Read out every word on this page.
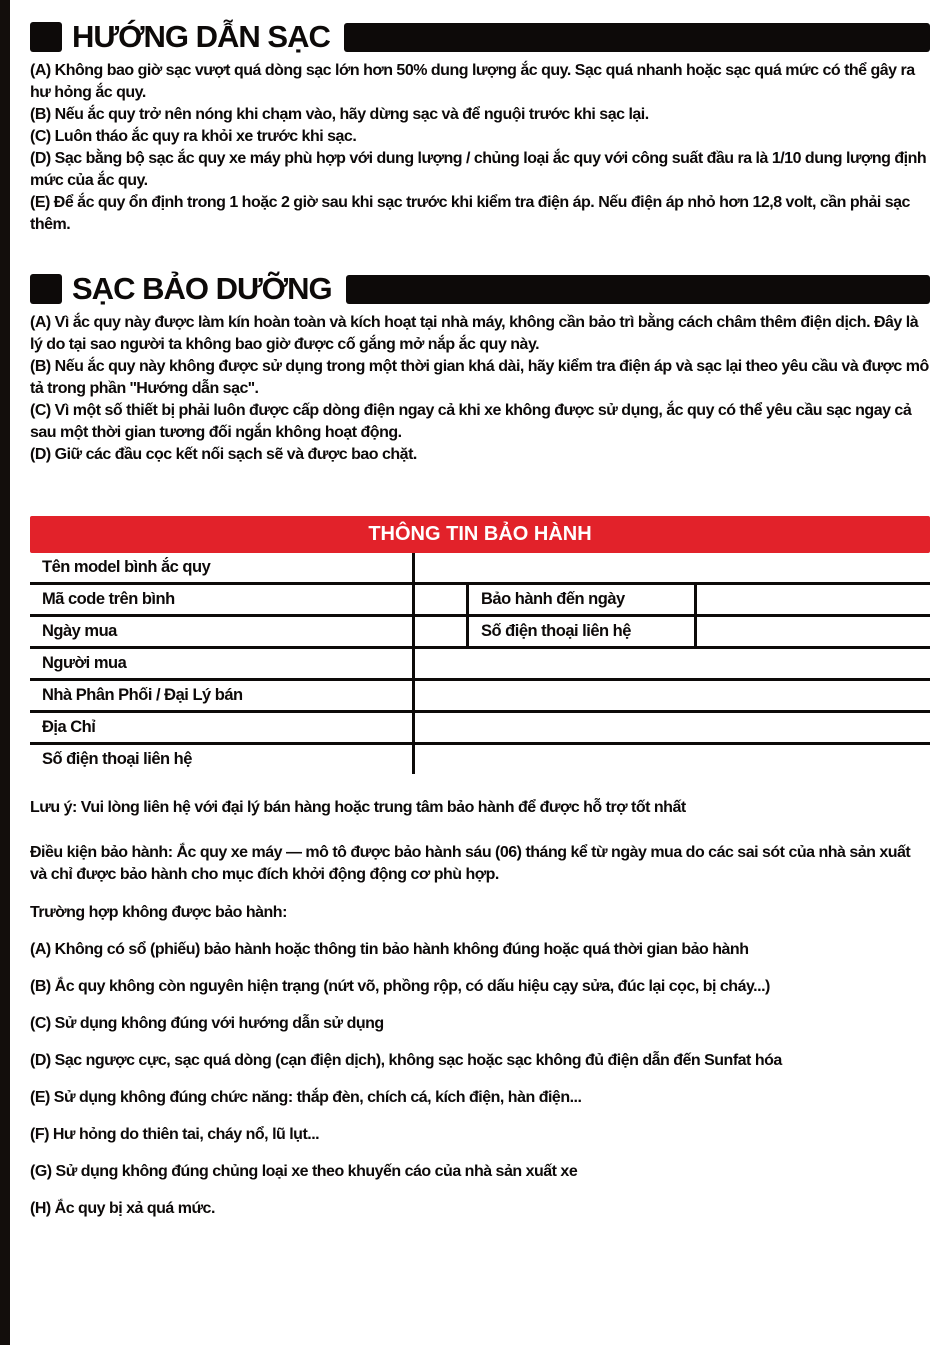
HƯỚNG DẪN SẠC

(A) Không bao giờ sạc vượt quá dòng sạc lớn hơn 50% dung lượng ắc quy. Sạc quá nhanh hoặc sạc quá mức có thể gây ra hư hỏng ắc quy.

(B) Nếu ắc quy trở nên nóng khi chạm vào, hãy dừng sạc và để nguội trước khi sạc lại.

(C) Luôn tháo ắc quy ra khỏi xe trước khi sạc.

(D) Sạc bằng bộ sạc ắc quy xe máy phù hợp với dung lượng / chủng loại ắc quy với công suất đầu ra là 1/10 dung lượng định mức của ắc quy.

(E) Để ắc quy ổn định trong 1 hoặc 2 giờ sau khi sạc trước khi kiểm tra điện áp. Nếu điện áp nhỏ hơn 12,8 volt, cần phải sạc thêm.

SẠC BẢO DƯỠNG

(A) Vì ắc quy này được làm kín hoàn toàn và kích hoạt tại nhà máy, không cần bảo trì bằng cách châm thêm điện dịch. Đây là lý do tại sao người ta không bao giờ được cố gắng mở nắp ắc quy này.

(B) Nếu ắc quy này không được sử dụng trong một thời gian khá dài, hãy kiểm tra điện áp và sạc lại theo yêu cầu và được mô tả trong phần ''Hướng dẫn sạc''.

(C) Vì một số thiết bị phải luôn được cấp dòng điện ngay cả khi xe không được sử dụng, ắc quy có thể yêu cầu sạc ngay cả sau một thời gian tương đối ngắn không hoạt động.

(D) Giữ các đầu cọc kết nối sạch sẽ và được bao chặt.

THÔNG TIN BẢO HÀNH
Tên model bình ắc quy
Mã code trên bình	Bảo hành đến ngày
Ngày mua	Số điện thoại liên hệ
Người mua
Nhà Phân Phối / Đại Lý bán
Địa Chỉ
Số điện thoại liên hệ

Lưu ý: Vui lòng liên hệ với đại lý bán hàng hoặc trung tâm bảo hành để được hỗ trợ tốt nhất

Điều kiện bảo hành: Ắc quy xe máy — mô tô được bảo hành sáu (06) tháng kể từ ngày mua do các sai sót của nhà sản xuất và chỉ được bảo hành cho mục đích khởi động động cơ phù hợp.

Trường hợp không được bảo hành:

(A) Không có sổ (phiếu) bảo hành hoặc thông tin bảo hành không đúng hoặc quá thời gian bảo hành

(B) Ắc quy không còn nguyên hiện trạng (nứt võ, phồng rộp, có dấu hiệu cạy sửa, đúc lại cọc, bị cháy...)

(C) Sử dụng không đúng với hướng dẫn sử dụng

(D) Sạc ngược cực, sạc quá dòng (cạn điện dịch), không sạc hoặc sạc không đủ điện dẫn đến Sunfat hóa

(E) Sử dụng không đúng chức năng: thắp đèn, chích cá, kích điện, hàn điện...

(F) Hư hỏng do thiên tai, cháy nổ, lũ lụt...

(G) Sử dụng không đúng chủng loại xe theo khuyến cáo của nhà sản xuất xe

(H) Ắc quy bị xả quá mức.
